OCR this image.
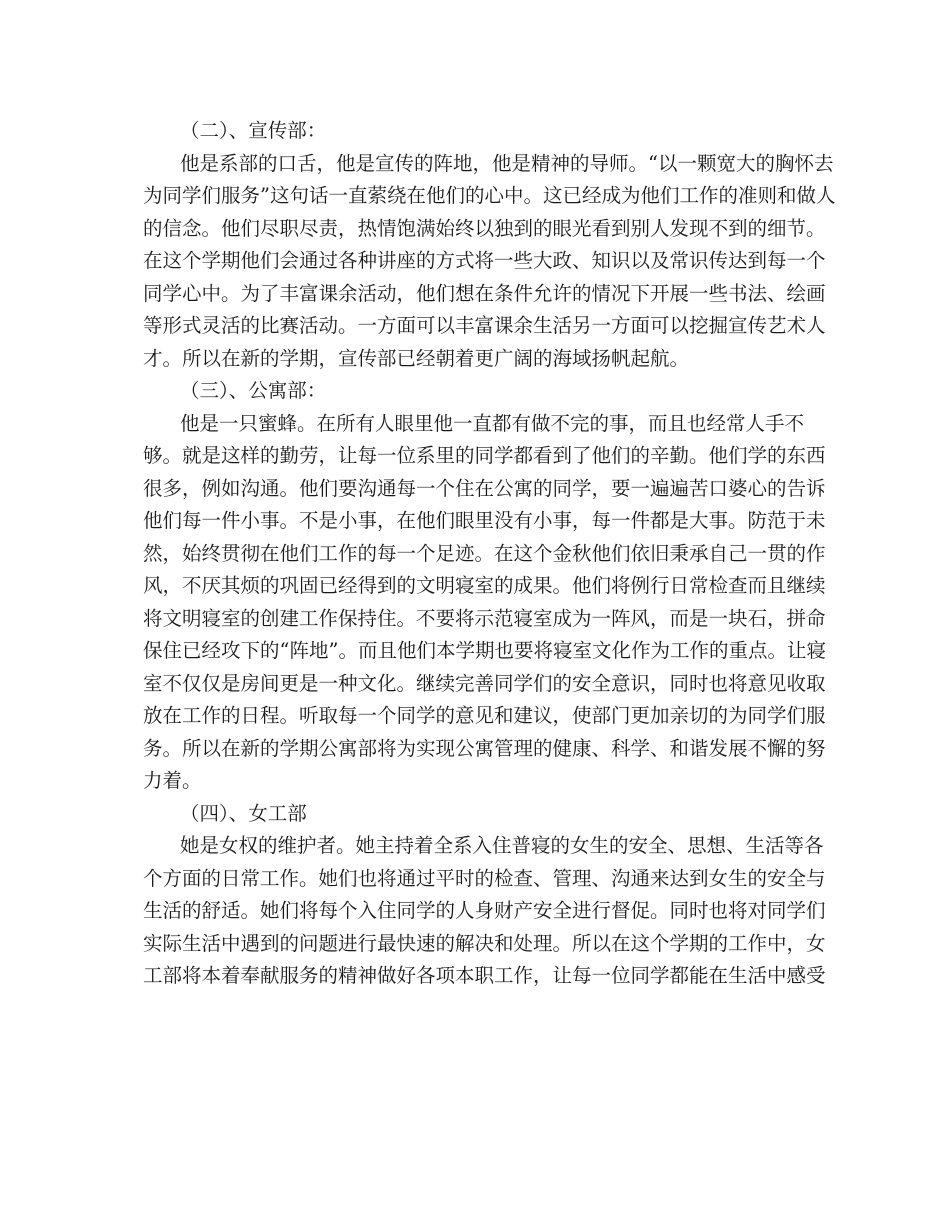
（二）、宣传部：
他是系部的口舌，他是宣传的阵地，他是精神的导师。“以一颗宽大的胸怀去
为同学们服务”这句话一直萦绕在他们的心中。这已经成为他们工作的准则和做人
的信念。他们尽职尽责，热情饱满始终以独到的眼光看到别人发现不到的细节。
在这个学期他们会通过各种讲座的方式将一些大政、知识以及常识传达到每一个
同学心中。为了丰富课余活动，他们想在条件允许的情况下开展一些书法、绘画
等形式灵活的比赛活动。一方面可以丰富课余生活另一方面可以挖掘宣传艺术人
才。所以在新的学期，宣传部已经朝着更广阔的海域扬帆起航。
（三）、公寓部：
他是一只蜜蜂。在所有人眼里他一直都有做不完的事，而且也经常人手不
够。就是这样的勤劳，让每一位系里的同学都看到了他们的辛勤。他们学的东西
很多，例如沟通。他们要沟通每一个住在公寓的同学，要一遍遍苦口婆心的告诉
他们每一件小事。不是小事，在他们眼里没有小事，每一件都是大事。防范于未
然，始终贯彻在他们工作的每一个足迹。在这个金秋他们依旧秉承自己一贯的作
风，不厌其烦的巩固已经得到的文明寝室的成果。他们将例行日常检查而且继续
将文明寝室的创建工作保持住。不要将示范寝室成为一阵风，而是一块石，拼命
保住已经攻下的“阵地”。而且他们本学期也要将寝室文化作为工作的重点。让寝
室不仅仅是房间更是一种文化。继续完善同学们的安全意识，同时也将意见收取
放在工作的日程。听取每一个同学的意见和建议，使部门更加亲切的为同学们服
务。所以在新的学期公寓部将为实现公寓管理的健康、科学、和谐发展不懈的努
力着。
（四）、女工部
她是女权的维护者。她主持着全系入住普寝的女生的安全、思想、生活等各
个方面的日常工作。她们也将通过平时的检查、管理、沟通来达到女生的安全与
生活的舒适。她们将每个入住同学的人身财产安全进行督促。同时也将对同学们
实际生活中遇到的问题进行最快速的解决和处理。所以在这个学期的工作中，女
工部将本着奉献服务的精神做好各项本职工作，让每一位同学都能在生活中感受
